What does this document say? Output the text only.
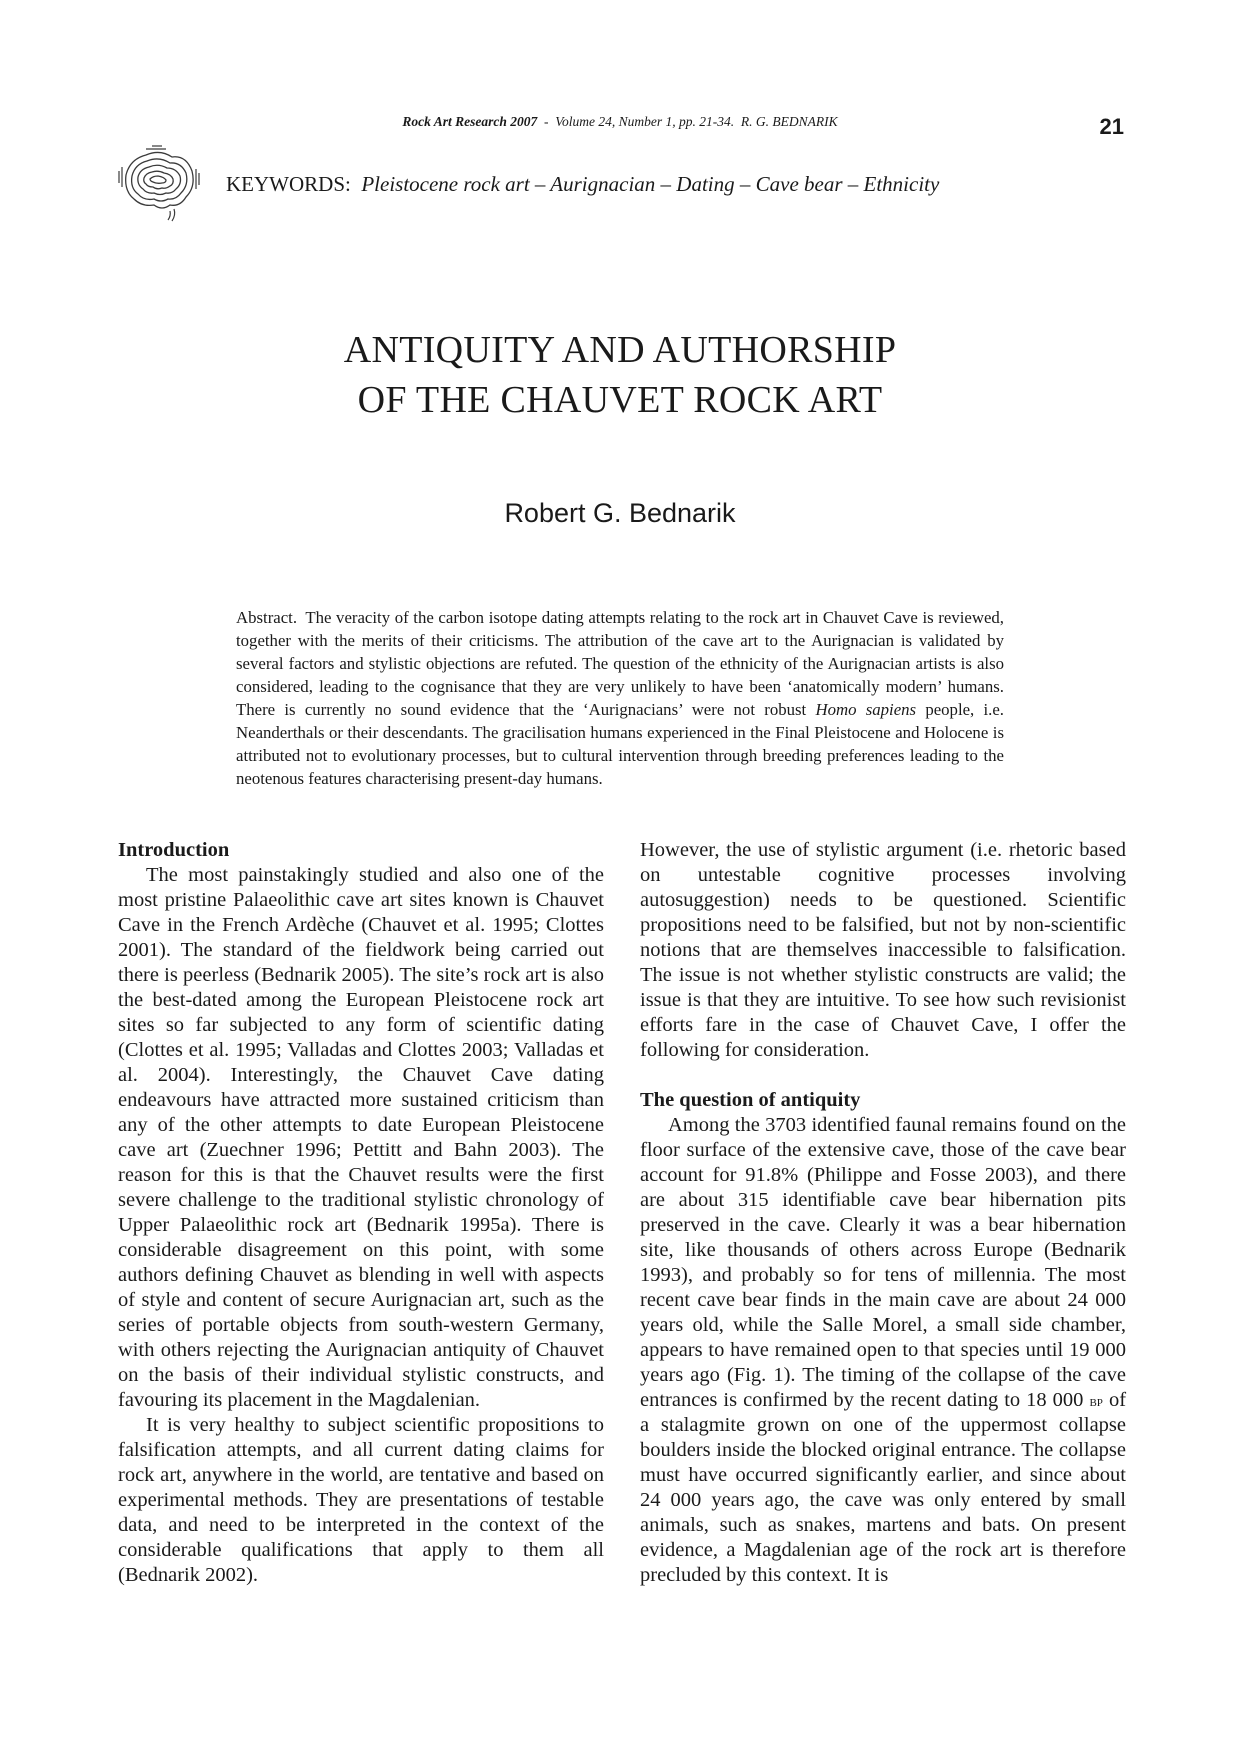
Rock Art Research 2007 - Volume 24, Number 1, pp. 21-34. R. G. BEDNARIK	21
KEYWORDS: Pleistocene rock art – Aurignacian – Dating – Cave bear – Ethnicity
ANTIQUITY AND AUTHORSHIP
OF THE CHAUVET ROCK ART
Robert G. Bednarik
Abstract. The veracity of the carbon isotope dating attempts relating to the rock art in Chauvet Cave is reviewed, together with the merits of their criticisms. The attribution of the cave art to the Aurignacian is validated by several factors and stylistic objections are refuted. The question of the ethnicity of the Aurignacian artists is also considered, leading to the cognisance that they are very unlikely to have been ‘anatomically modern’ humans. There is currently no sound evidence that the ‘Aurignacians’ were not robust Homo sapiens people, i.e. Neanderthals or their descendants. The gracilisation humans experienced in the Final Pleistocene and Holocene is attributed not to evolutionary processes, but to cultural intervention through breeding preferences leading to the neotenous features characterising present-day humans.
Introduction

The most painstakingly studied and also one of the most pristine Palaeolithic cave art sites known is Chauvet Cave in the French Ardèche (Chauvet et al. 1995; Clottes 2001). The standard of the fieldwork being carried out there is peerless (Bednarik 2005). The site’s rock art is also the best-dated among the European Pleistocene rock art sites so far subjected to any form of scientific dating (Clottes et al. 1995; Valladas and Clottes 2003; Valladas et al. 2004). Interestingly, the Chauvet Cave dating endeavours have attracted more sustained criticism than any of the other attempts to date European Pleistocene cave art (Zuechner 1996; Pettitt and Bahn 2003). The reason for this is that the Chauvet results were the first severe challenge to the traditional stylistic chronology of Upper Palaeolithic rock art (Bednarik 1995a). There is considerable disagreement on this point, with some authors defining Chauvet as blending in well with aspects of style and content of secure Aurignacian art, such as the series of portable objects from south-western Germany, with others rejecting the Aurignacian antiquity of Chauvet on the basis of their individual stylistic constructs, and favouring its placement in the Magdalenian.

It is very healthy to subject scientific propositions to falsification attempts, and all current dating claims for rock art, anywhere in the world, are tentative and based on experimental methods. They are presentations of testable data, and need to be interpreted in the context of the considerable qualifications that apply to them all (Bednarik 2002).

However, the use of stylistic argument (i.e. rhetoric based on untestable cognitive processes involving autosuggestion) needs to be questioned. Scientific propositions need to be falsified, but not by non-scientific notions that are themselves inaccessible to falsification. The issue is not whether stylistic constructs are valid; the issue is that they are intuitive. To see how such revisionist efforts fare in the case of Chauvet Cave, I offer the following for consideration.

The question of antiquity

Among the 3703 identified faunal remains found on the floor surface of the extensive cave, those of the cave bear account for 91.8% (Philippe and Fosse 2003), and there are about 315 identifiable cave bear hibernation pits preserved in the cave. Clearly it was a bear hibernation site, like thousands of others across Europe (Bednarik 1993), and probably so for tens of millennia. The most recent cave bear finds in the main cave are about 24 000 years old, while the Salle Morel, a small side chamber, appears to have remained open to that species until 19 000 years ago (Fig. 1). The timing of the collapse of the cave entrances is confirmed by the recent dating to 18 000 bp of a stalagmite grown on one of the uppermost collapse boulders inside the blocked original entrance. The collapse must have occurred significantly earlier, and since about 24 000 years ago, the cave was only entered by small animals, such as snakes, martens and bats. On present evidence, a Magdalenian age of the rock art is therefore precluded by this context. It is
